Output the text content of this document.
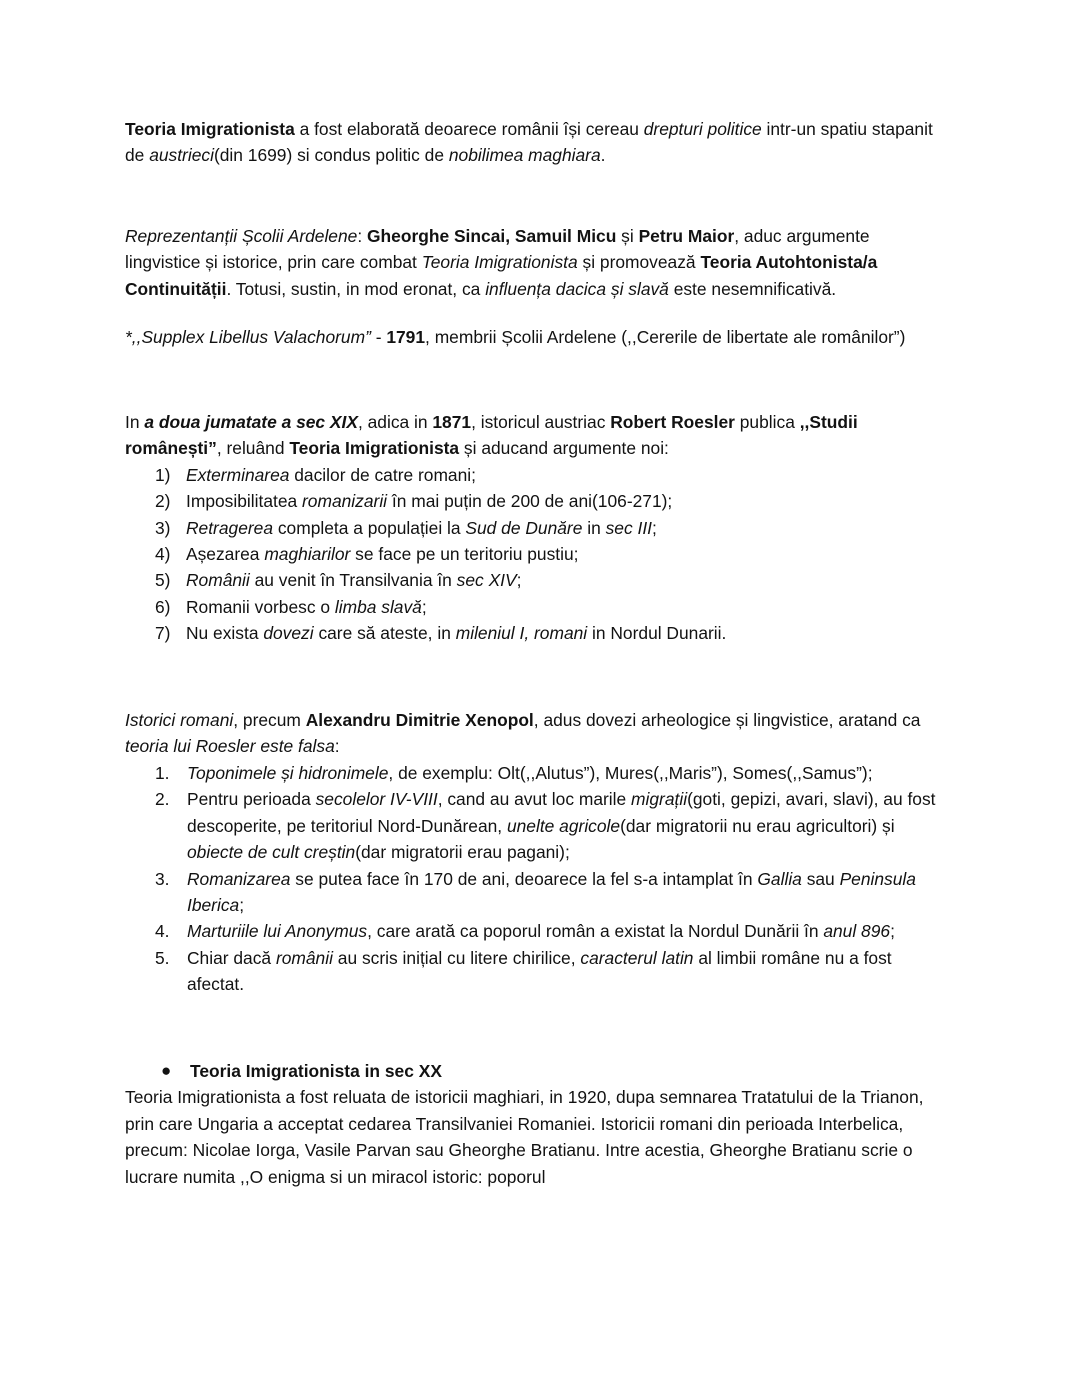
Teoria Imigrationista a fost elaborată deoarece românii își cereau drepturi politice intr-un spatiu stapanit de austrieci(din 1699) si condus politic de nobilimea maghiara.

Reprezentanții Școlii Ardelene: Gheorghe Sincai, Samuil Micu și Petru Maior, aduc argumente lingvistice și istorice, prin care combat Teoria Imigrationista și promovează Teoria Autohtonista/a Continuității. Totusi, sustin, in mod eronat, ca influența dacica și slavă este nesemnificativă.

*,,Supplex Libellus Valachorum” - 1791, membrii Școlii Ardelene (,,Cererile de libertate ale românilor”)

In a doua jumatate a sec XIX, adica in 1871, istoricul austriac Robert Roesler publica ,,Studii românești”, reluând Teoria Imigrationista și aducand argumente noi:

1) Exterminarea dacilor de catre romani;
2) Imposibilitatea romanizarii în mai puțin de 200 de ani(106-271);
3) Retragerea completa a populației la Sud de Dunăre in sec III;
4) Așezarea maghiarilor se face pe un teritoriu pustiu;
5) Românii au venit în Transilvania în sec XIV;
6) Romanii vorbesc o limba slavă;
7) Nu exista dovezi care să ateste, in mileniul I, romani in Nordul Dunarii.

Istorici romani, precum Alexandru Dimitrie Xenopol, adus dovezi arheologice și lingvistice, aratand ca teoria lui Roesler este falsa:

1.	Toponimele și hidronimele, de exemplu: Olt(,,Alutus”), Mures(,,Maris”), Somes(,,Samus”);
2.	Pentru perioada secolelor IV-VIII, cand au avut loc marile migrații(goti, gepizi, avari, slavi), au fost descoperite, pe teritoriul Nord-Dunărean, unelte agricole(dar migratorii nu erau agricultori) și obiecte de cult creștin(dar migratorii erau pagani);
3.	Romanizarea se putea face în 170 de ani, deoarece la fel s-a intamplat în Gallia sau Peninsula Iberica;
4.	Marturiile lui Anonymus, care arată ca poporul român a existat la Nordul Dunării în anul 896;
5.	Chiar dacă românii au scris inițial cu litere chirilice, caracterul latin al limbii române nu a fost afectat.
● Teoria Imigrationista in sec XX

Teoria Imigrationista a fost reluata de istoricii maghiari, in 1920, dupa semnarea Tratatului de la Trianon, prin care Ungaria a acceptat cedarea Transilvaniei Romaniei. Istoricii romani din perioada Interbelica, precum: Nicolae Iorga, Vasile Parvan sau Gheorghe Bratianu. Intre acestia, Gheorghe Bratianu scrie o lucrare numita ,,O enigma si un miracol istoric: poporul
